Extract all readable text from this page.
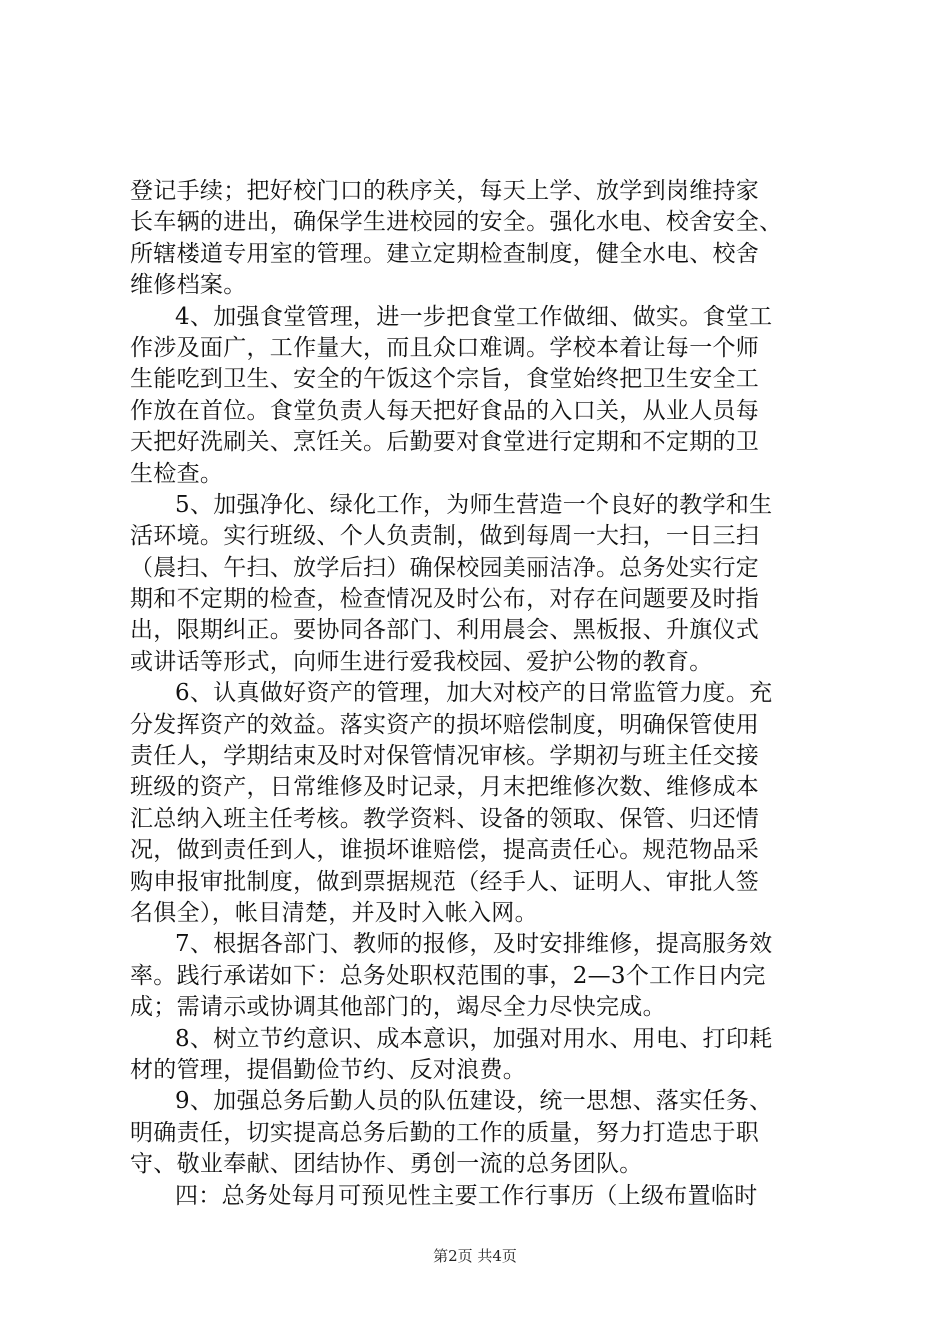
登记手续；把好校门口的秩序关，每天上学、放学到岗维持家
长车辆的进出，确保学生进校园的安全。强化水电、校舍安全、
所辖楼道专用室的管理。建立定期检查制度，健全水电、校舍
维修档案。
4、加强食堂管理，进一步把食堂工作做细、做实。食堂工
作涉及面广，工作量大，而且众口难调。学校本着让每一个师
生能吃到卫生、安全的午饭这个宗旨，食堂始终把卫生安全工
作放在首位。食堂负责人每天把好食品的入口关，从业人员每
天把好洗刷关、烹饪关。后勤要对食堂进行定期和不定期的卫
生检查。
5、加强净化、绿化工作，为师生营造一个良好的教学和生
活环境。实行班级、个人负责制，做到每周一大扫，一日三扫
（晨扫、午扫、放学后扫）确保校园美丽洁净。总务处实行定
期和不定期的检查，检查情况及时公布，对存在问题要及时指
出，限期纠正。要协同各部门、利用晨会、黑板报、升旗仪式
或讲话等形式，向师生进行爱我校园、爱护公物的教育。
6、认真做好资产的管理，加大对校产的日常监管力度。充
分发挥资产的效益。落实资产的损坏赔偿制度，明确保管使用
责任人，学期结束及时对保管情况审核。学期初与班主任交接
班级的资产，日常维修及时记录，月末把维修次数、维修成本
汇总纳入班主任考核。教学资料、设备的领取、保管、归还情
况，做到责任到人，谁损坏谁赔偿，提高责任心。规范物品采
购申报审批制度，做到票据规范（经手人、证明人、审批人签
名俱全），帐目清楚，并及时入帐入网。
7、根据各部门、教师的报修，及时安排维修，提高服务效
率。践行承诺如下：总务处职权范围的事，2—3个工作日内完
成；需请示或协调其他部门的，竭尽全力尽快完成。
8、树立节约意识、成本意识，加强对用水、用电、打印耗
材的管理，提倡勤俭节约、反对浪费。
9、加强总务后勤人员的队伍建设，统一思想、落实任务、
明确责任，切实提高总务后勤的工作的质量，努力打造忠于职
守、敬业奉献、团结协作、勇创一流的总务团队。
四：总务处每月可预见性主要工作行事历（上级布置临时
第2页 共4页
